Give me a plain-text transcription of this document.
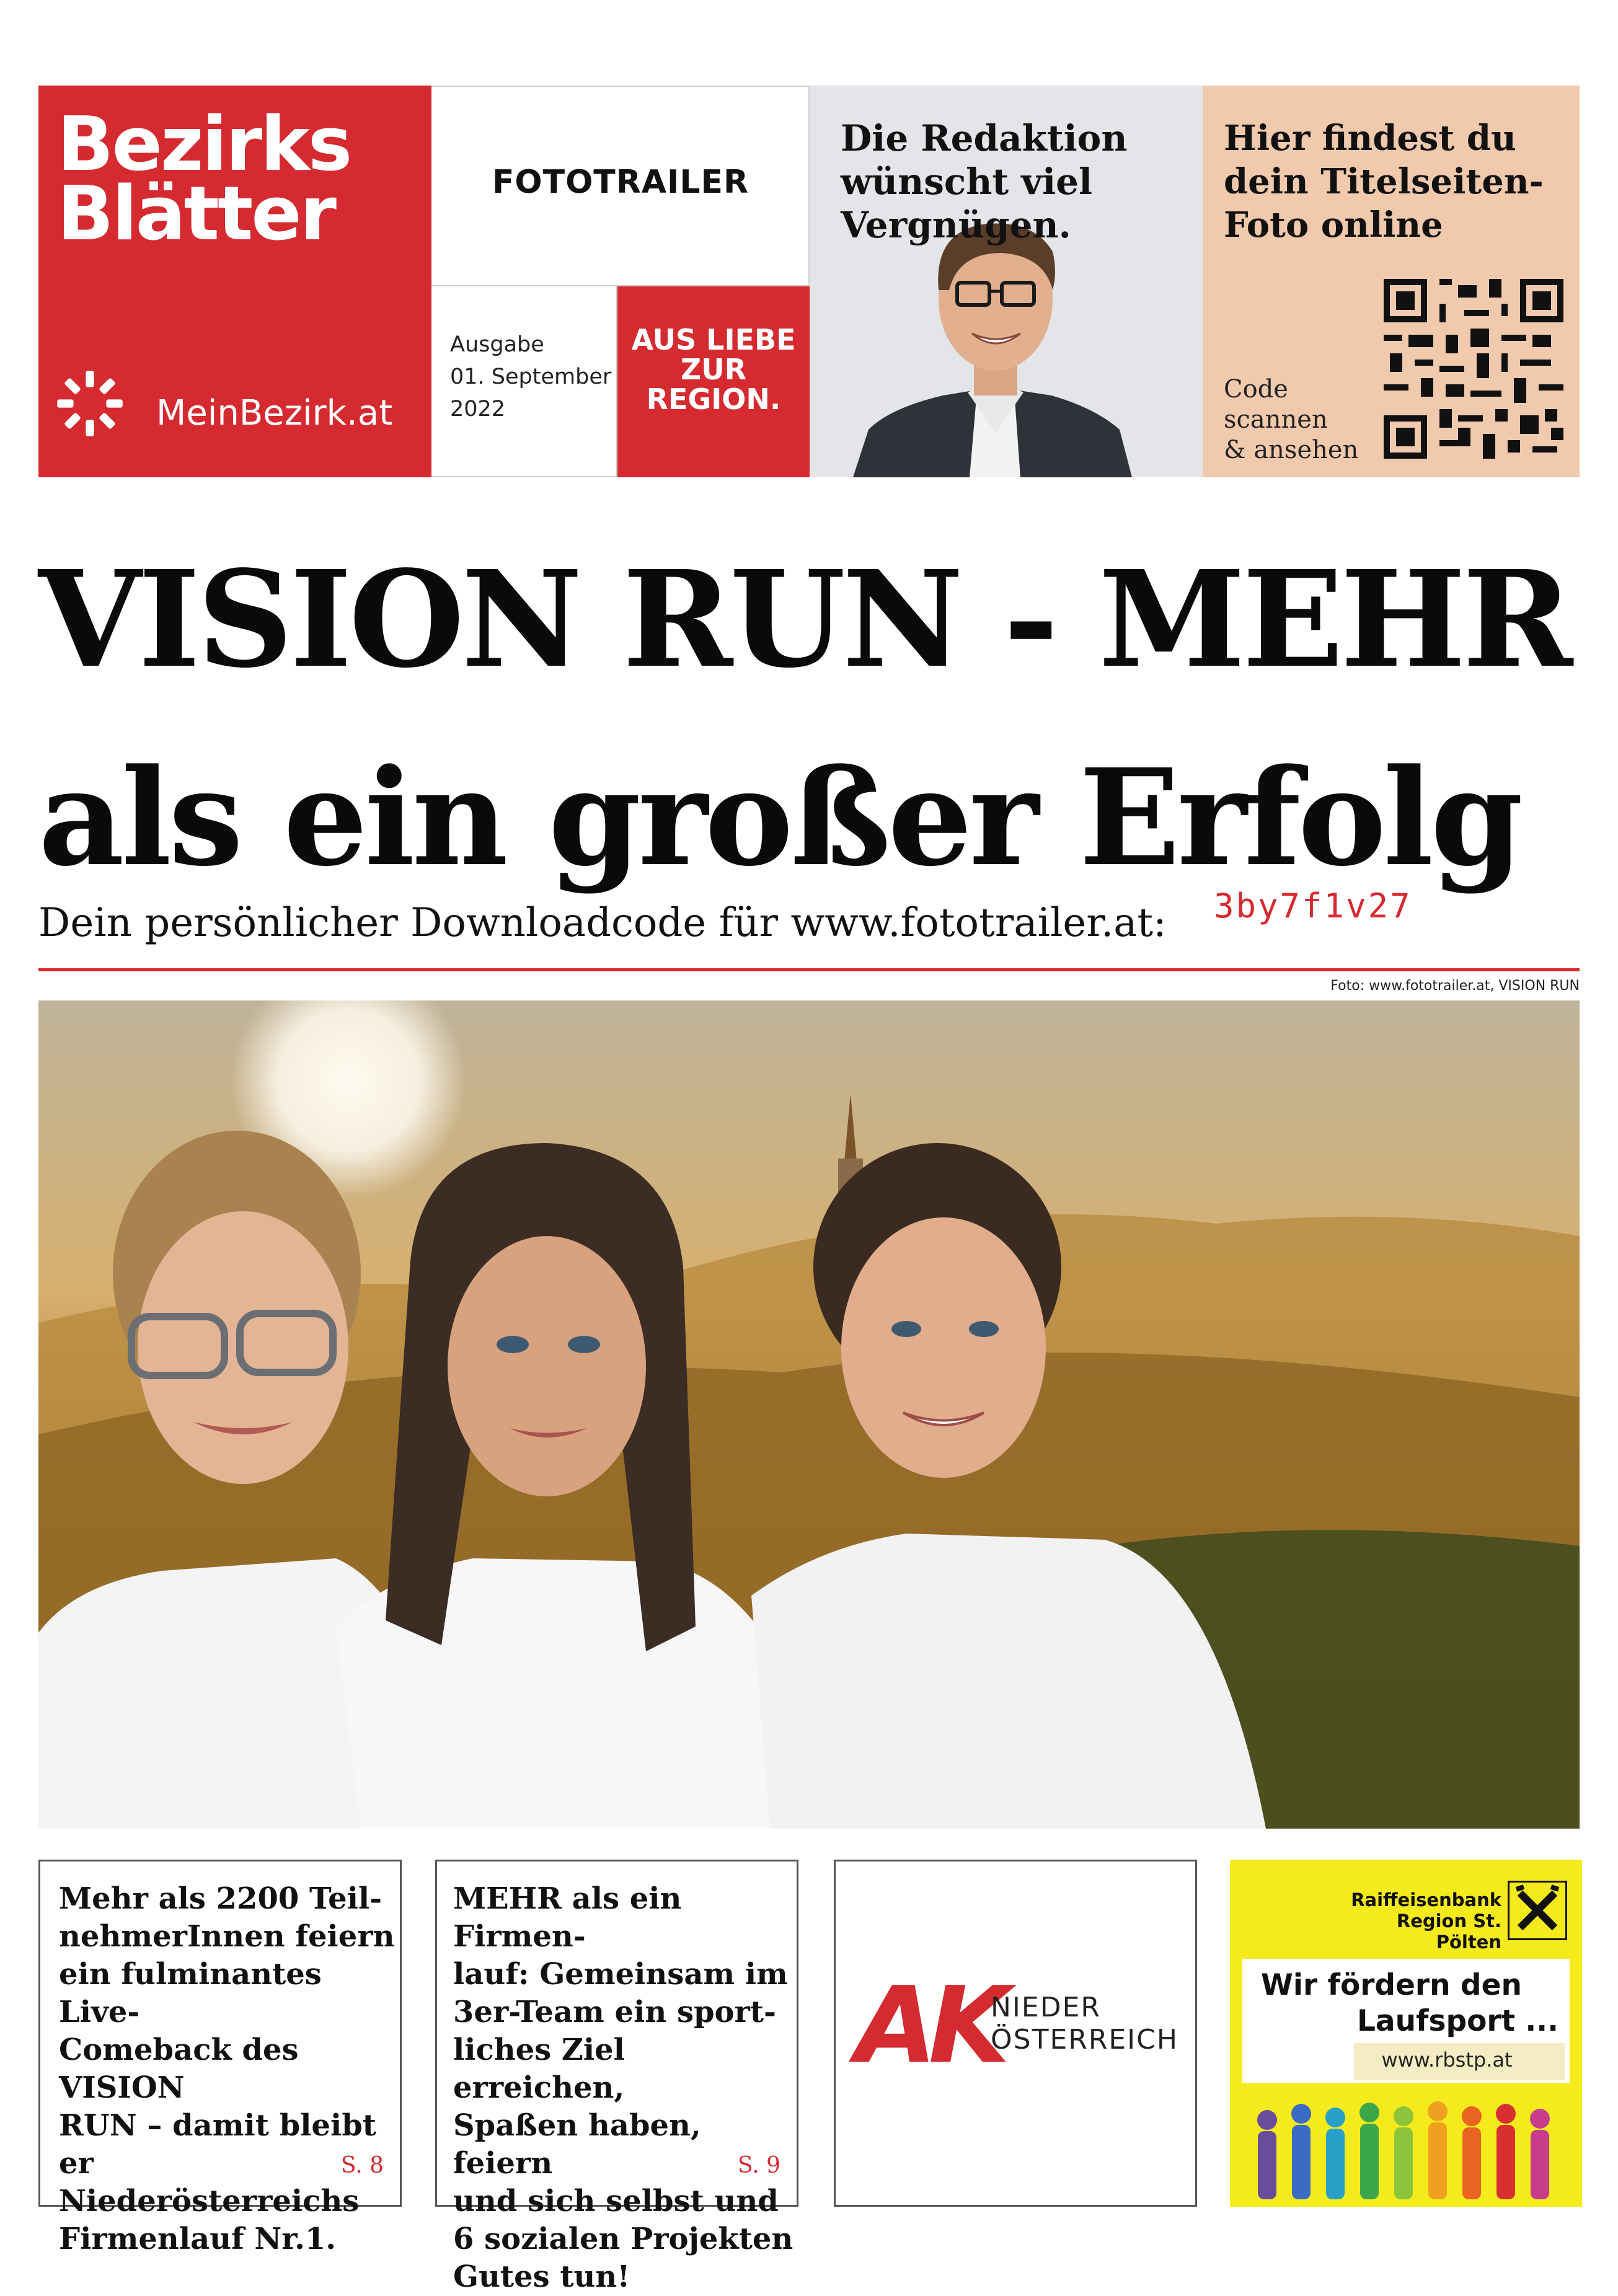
Bezirks
Blätter
MeinBezirk.at
FOTOTRAILER
Ausgabe
01. September
2022
AUS LIEBE
ZUR
REGION.
Die Redaktion
wünscht viel
Vergnügen.
Hier findest du
dein Titelseiten-
Foto online
Code
scannen
& ansehen
VISION RUN - MEHR
als ein großer Erfolg
Dein persönlicher Downloadcode für www.fototrailer.at: 3by7f1v27
Foto: www.fototrailer.at, VISION RUN
Mehr als 2200 Teil-
nehmerInnen feiern
ein fulminantes Live-
Comeback des VISION
RUN – damit bleibt
er Niederösterreichs
Firmenlauf Nr.1.
S. 8
MEHR als ein Firmen-
lauf: Gemeinsam im
3er-Team ein sport-
liches Ziel erreichen,
Spaßen haben, feiern
und sich selbst und
6 sozialen Projekten
Gutes tun!
S. 9
AK
NIEDER
ÖSTERREICH
Raiffeisenbank
Region St. Pölten
Wir fördern den
Laufsport ...
www.rbstp.at
